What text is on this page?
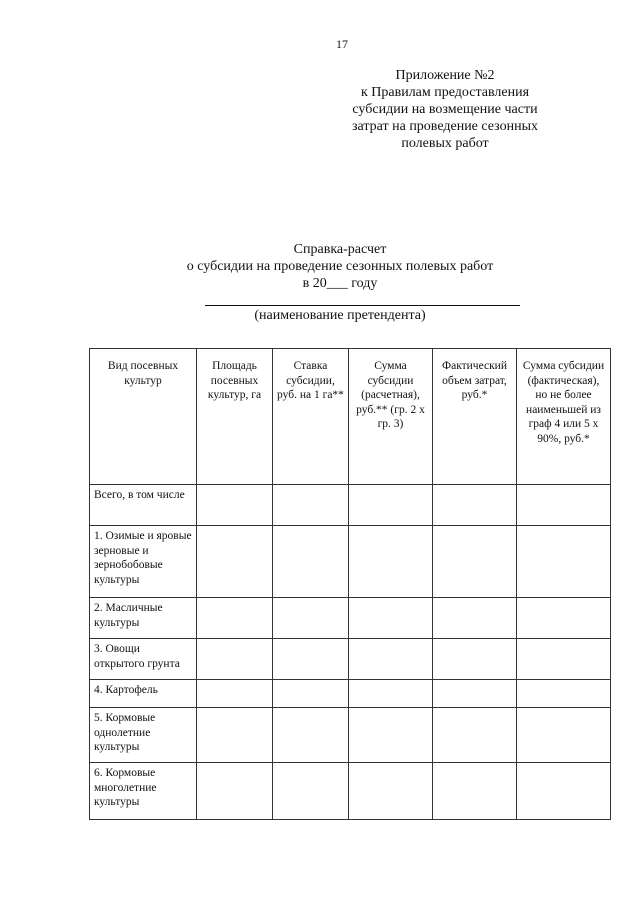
17
Приложение №2
к Правилам предоставления
субсидии на возмещение части
затрат на проведение сезонных
полевых работ
Справка-расчет
о субсидии на проведение сезонных полевых работ
в 20___ году
(наименование претендента)
Вид посевных культур	Площадь посевных культур, га	Ставка субсидии, руб. на 1 га**	Сумма субсидии (расчетная), руб.** (гр. 2 х гр. 3)	Фактический объем затрат, руб.*	Сумма субсидии (фактическая), но не более наименьшей из граф 4 или 5 х 90%, руб.*
Всего, в том числе					
1. Озимые и яровые зерновые и зернобобовые культуры					
2. Масличные культуры					
3. Овощи открытого грунта					
4. Картофель					
5. Кормовые однолетние культуры					
6. Кормовые многолетние культуры					
